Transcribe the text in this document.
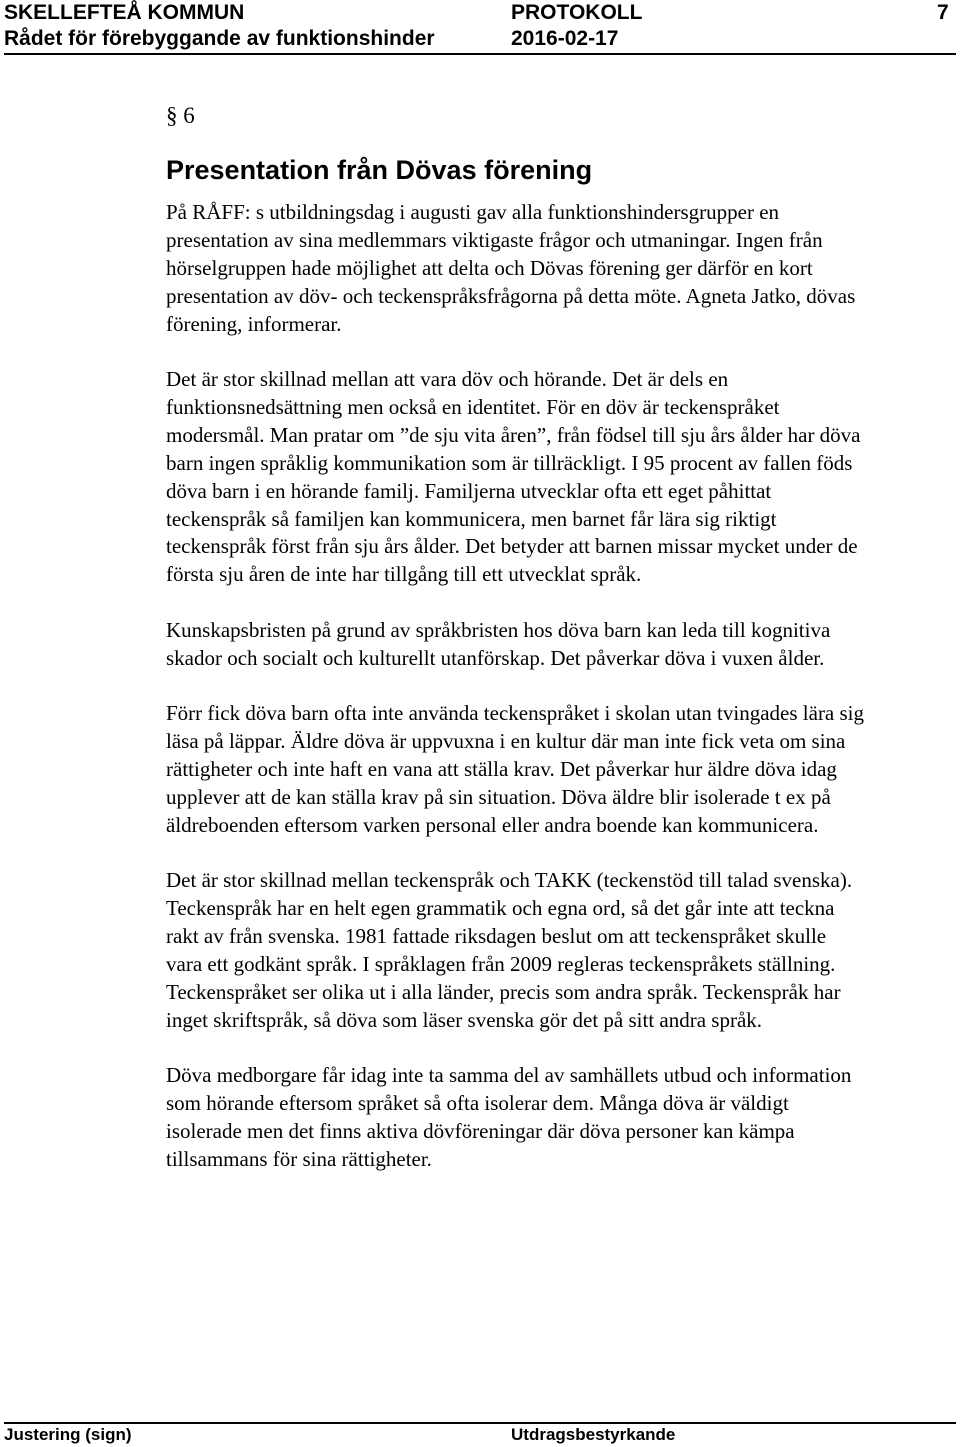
SKELLEFTEÅ KOMMUN	PROTOKOLL	7
Rådet för förebyggande av funktionshinder	2016-02-17
§ 6
Presentation från Dövas förening

På RÅFF: s utbildningsdag i augusti gav alla funktionshindersgrupper en presentation av sina medlemmars viktigaste frågor och utmaningar. Ingen från hörselgruppen hade möjlighet att delta och Dövas förening ger därför en kort presentation av döv- och teckenspråksfrågorna på detta möte. Agneta Jatko, dövas förening, informerar.

Det är stor skillnad mellan att vara döv och hörande. Det är dels en funktionsnedsättning men också en identitet. För en döv är teckenspråket modersmål. Man pratar om ”de sju vita åren”, från födsel till sju års ålder har döva barn ingen språklig kommunikation som är tillräckligt. I 95 procent av fallen föds döva barn i en hörande familj. Familjerna utvecklar ofta ett eget påhittat teckenspråk så familjen kan kommunicera, men barnet får lära sig riktigt teckenspråk först från sju års ålder. Det betyder att barnen missar mycket under de första sju åren de inte har tillgång till ett utvecklat språk.

Kunskapsbristen på grund av språkbristen hos döva barn kan leda till kognitiva skador och socialt och kulturellt utanförskap. Det påverkar döva i vuxen ålder.

Förr fick döva barn ofta inte använda teckenspråket i skolan utan tvingades lära sig läsa på läppar. Äldre döva är uppvuxna i en kultur där man inte fick veta om sina rättigheter och inte haft en vana att ställa krav. Det påverkar hur äldre döva idag upplever att de kan ställa krav på sin situation. Döva äldre blir isolerade t ex på äldreboenden eftersom varken personal eller andra boende kan kommunicera.

Det är stor skillnad mellan teckenspråk och TAKK (teckenstöd till talad svenska). Teckenspråk har en helt egen grammatik och egna ord, så det går inte att teckna rakt av från svenska. 1981 fattade riksdagen beslut om att teckenspråket skulle vara ett godkänt språk. I språklagen från 2009 regleras teckenspråkets ställning. Teckenspråket ser olika ut i alla länder, precis som andra språk. Teckenspråk har inget skriftspråk, så döva som läser svenska gör det på sitt andra språk.

Döva medborgare får idag inte ta samma del av samhällets utbud och information som hörande eftersom språket så ofta isolerar dem. Många döva är väldigt isolerade men det finns aktiva dövföreningar där döva personer kan kämpa tillsammans för sina rättigheter.

Justering (sign)	Utdragsbestyrkande
